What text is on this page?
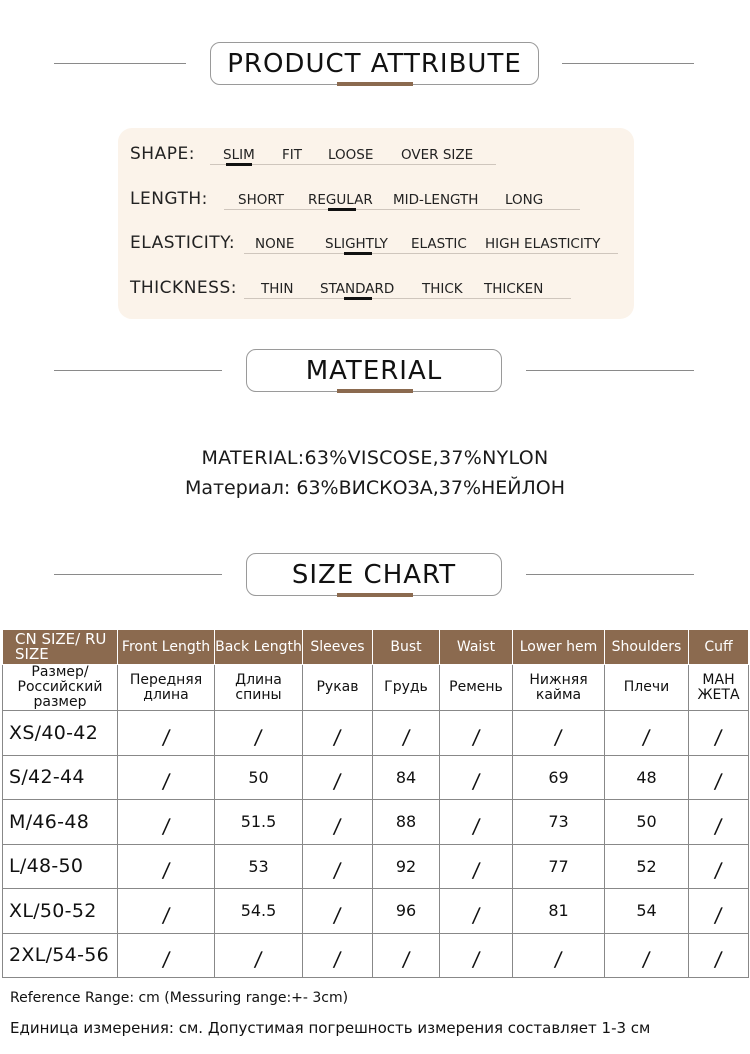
PRODUCT ATTRIBUTE
SHAPE: SLIM FIT LOOSE OVER SIZE
LENGTH: SHORT REGULAR MID-LENGTH LONG
ELASTICITY: NONE SLIGHTLY ELASTIC HIGH ELASTICITY
THICKNESS: THIN STANDARD THICK THICKEN
MATERIAL
MATERIAL:63%VISCOSE,37%NYLON
Материал: 63%ВИСКОЗА,37%НЕЙЛОН
SIZE CHART
CN SIZE/ RU SIZE	Front Length	Back Length	Sleeves	Bust	Waist	Lower hem	Shoulders	Cuff
Размер/ Российский размер	Передняя длина	Длина спины	Рукав	Грудь	Ремень	Нижняя кайма	Плечи	МАН ЖЕТА
XS/40-42	/	/	/	/	/	/	/	/
S/42-44	/	50	/	84	/	69	48	/
M/46-48	/	51.5	/	88	/	73	50	/
L/48-50	/	53	/	92	/	77	52	/
XL/50-52	/	54.5	/	96	/	81	54	/
2XL/54-56	/	/	/	/	/	/	/	/
Reference Range: cm (Messuring range:+- 3cm)
Единица измерения: см. Допустимая погрешность измерения составляет 1-3 см
